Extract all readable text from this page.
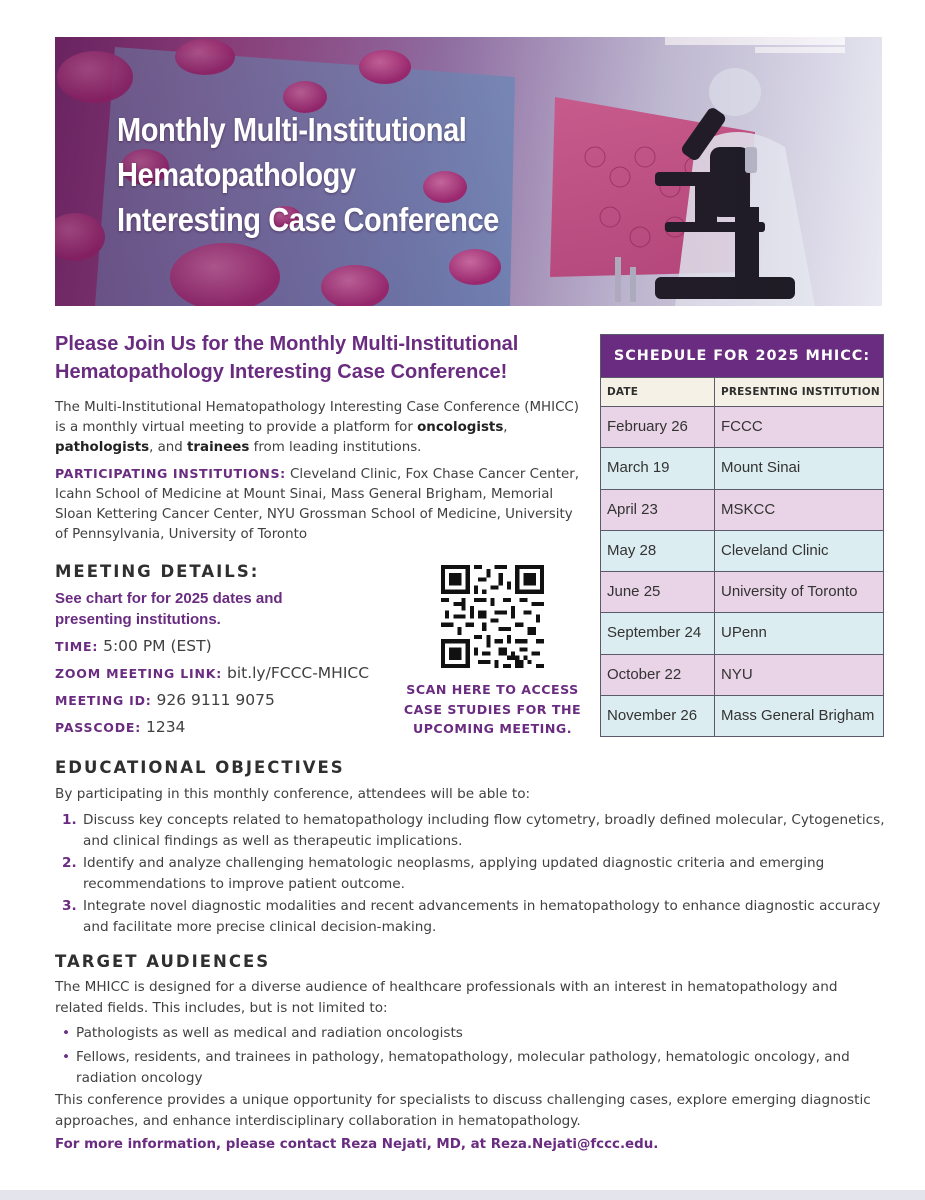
Monthly Multi-Institutional
Hematopathology
Interesting Case Conference
Please Join Us for the Monthly Multi-Institutional Hematopathology Interesting Case Conference!
The Multi-Institutional Hematopathology Interesting Case Conference (MHICC) is a monthly virtual meeting to provide a platform for oncologists, pathologists, and trainees from leading institutions.
PARTICIPATING INSTITUTIONS: Cleveland Clinic, Fox Chase Cancer Center, Icahn School of Medicine at Mount Sinai, Mass General Brigham, Memorial Sloan Kettering Cancer Center, NYU Grossman School of Medicine, University of Pennsylvania, University of Toronto
MEETING DETAILS:
See chart for for 2025 dates and presenting institutions.
TIME: 5:00 PM (EST)
ZOOM MEETING LINK: bit.ly/FCCC-MHICC
MEETING ID: 926 9111 9075
PASSCODE: 1234
SCAN HERE TO ACCESS CASE STUDIES FOR THE UPCOMING MEETING.
SCHEDULE FOR 2025 MHICC:
DATE	PRESENTING INSTITUTION
February 26	FCCC
March 19	Mount Sinai
April 23	MSKCC
May 28	Cleveland Clinic
June 25	University of Toronto
September 24	UPenn
October 22	NYU
November 26	Mass General Brigham
EDUCATIONAL OBJECTIVES
By participating in this monthly conference, attendees will be able to:
1. Discuss key concepts related to hematopathology including flow cytometry, broadly defined molecular, Cytogenetics, and clinical findings as well as therapeutic implications.
2. Identify and analyze challenging hematologic neoplasms, applying updated diagnostic criteria and emerging recommendations to improve patient outcome.
3. Integrate novel diagnostic modalities and recent advancements in hematopathology to enhance diagnostic accuracy and facilitate more precise clinical decision-making.
TARGET AUDIENCES
The MHICC is designed for a diverse audience of healthcare professionals with an interest in hematopathology and related fields. This includes, but is not limited to:
• Pathologists as well as medical and radiation oncologists
• Fellows, residents, and trainees in pathology, hematopathology, molecular pathology, hematologic oncology, and radiation oncology
This conference provides a unique opportunity for specialists to discuss challenging cases, explore emerging diagnostic approaches, and enhance interdisciplinary collaboration in hematopathology.
For more information, please contact Reza Nejati, MD, at Reza.Nejati@fccc.edu.
